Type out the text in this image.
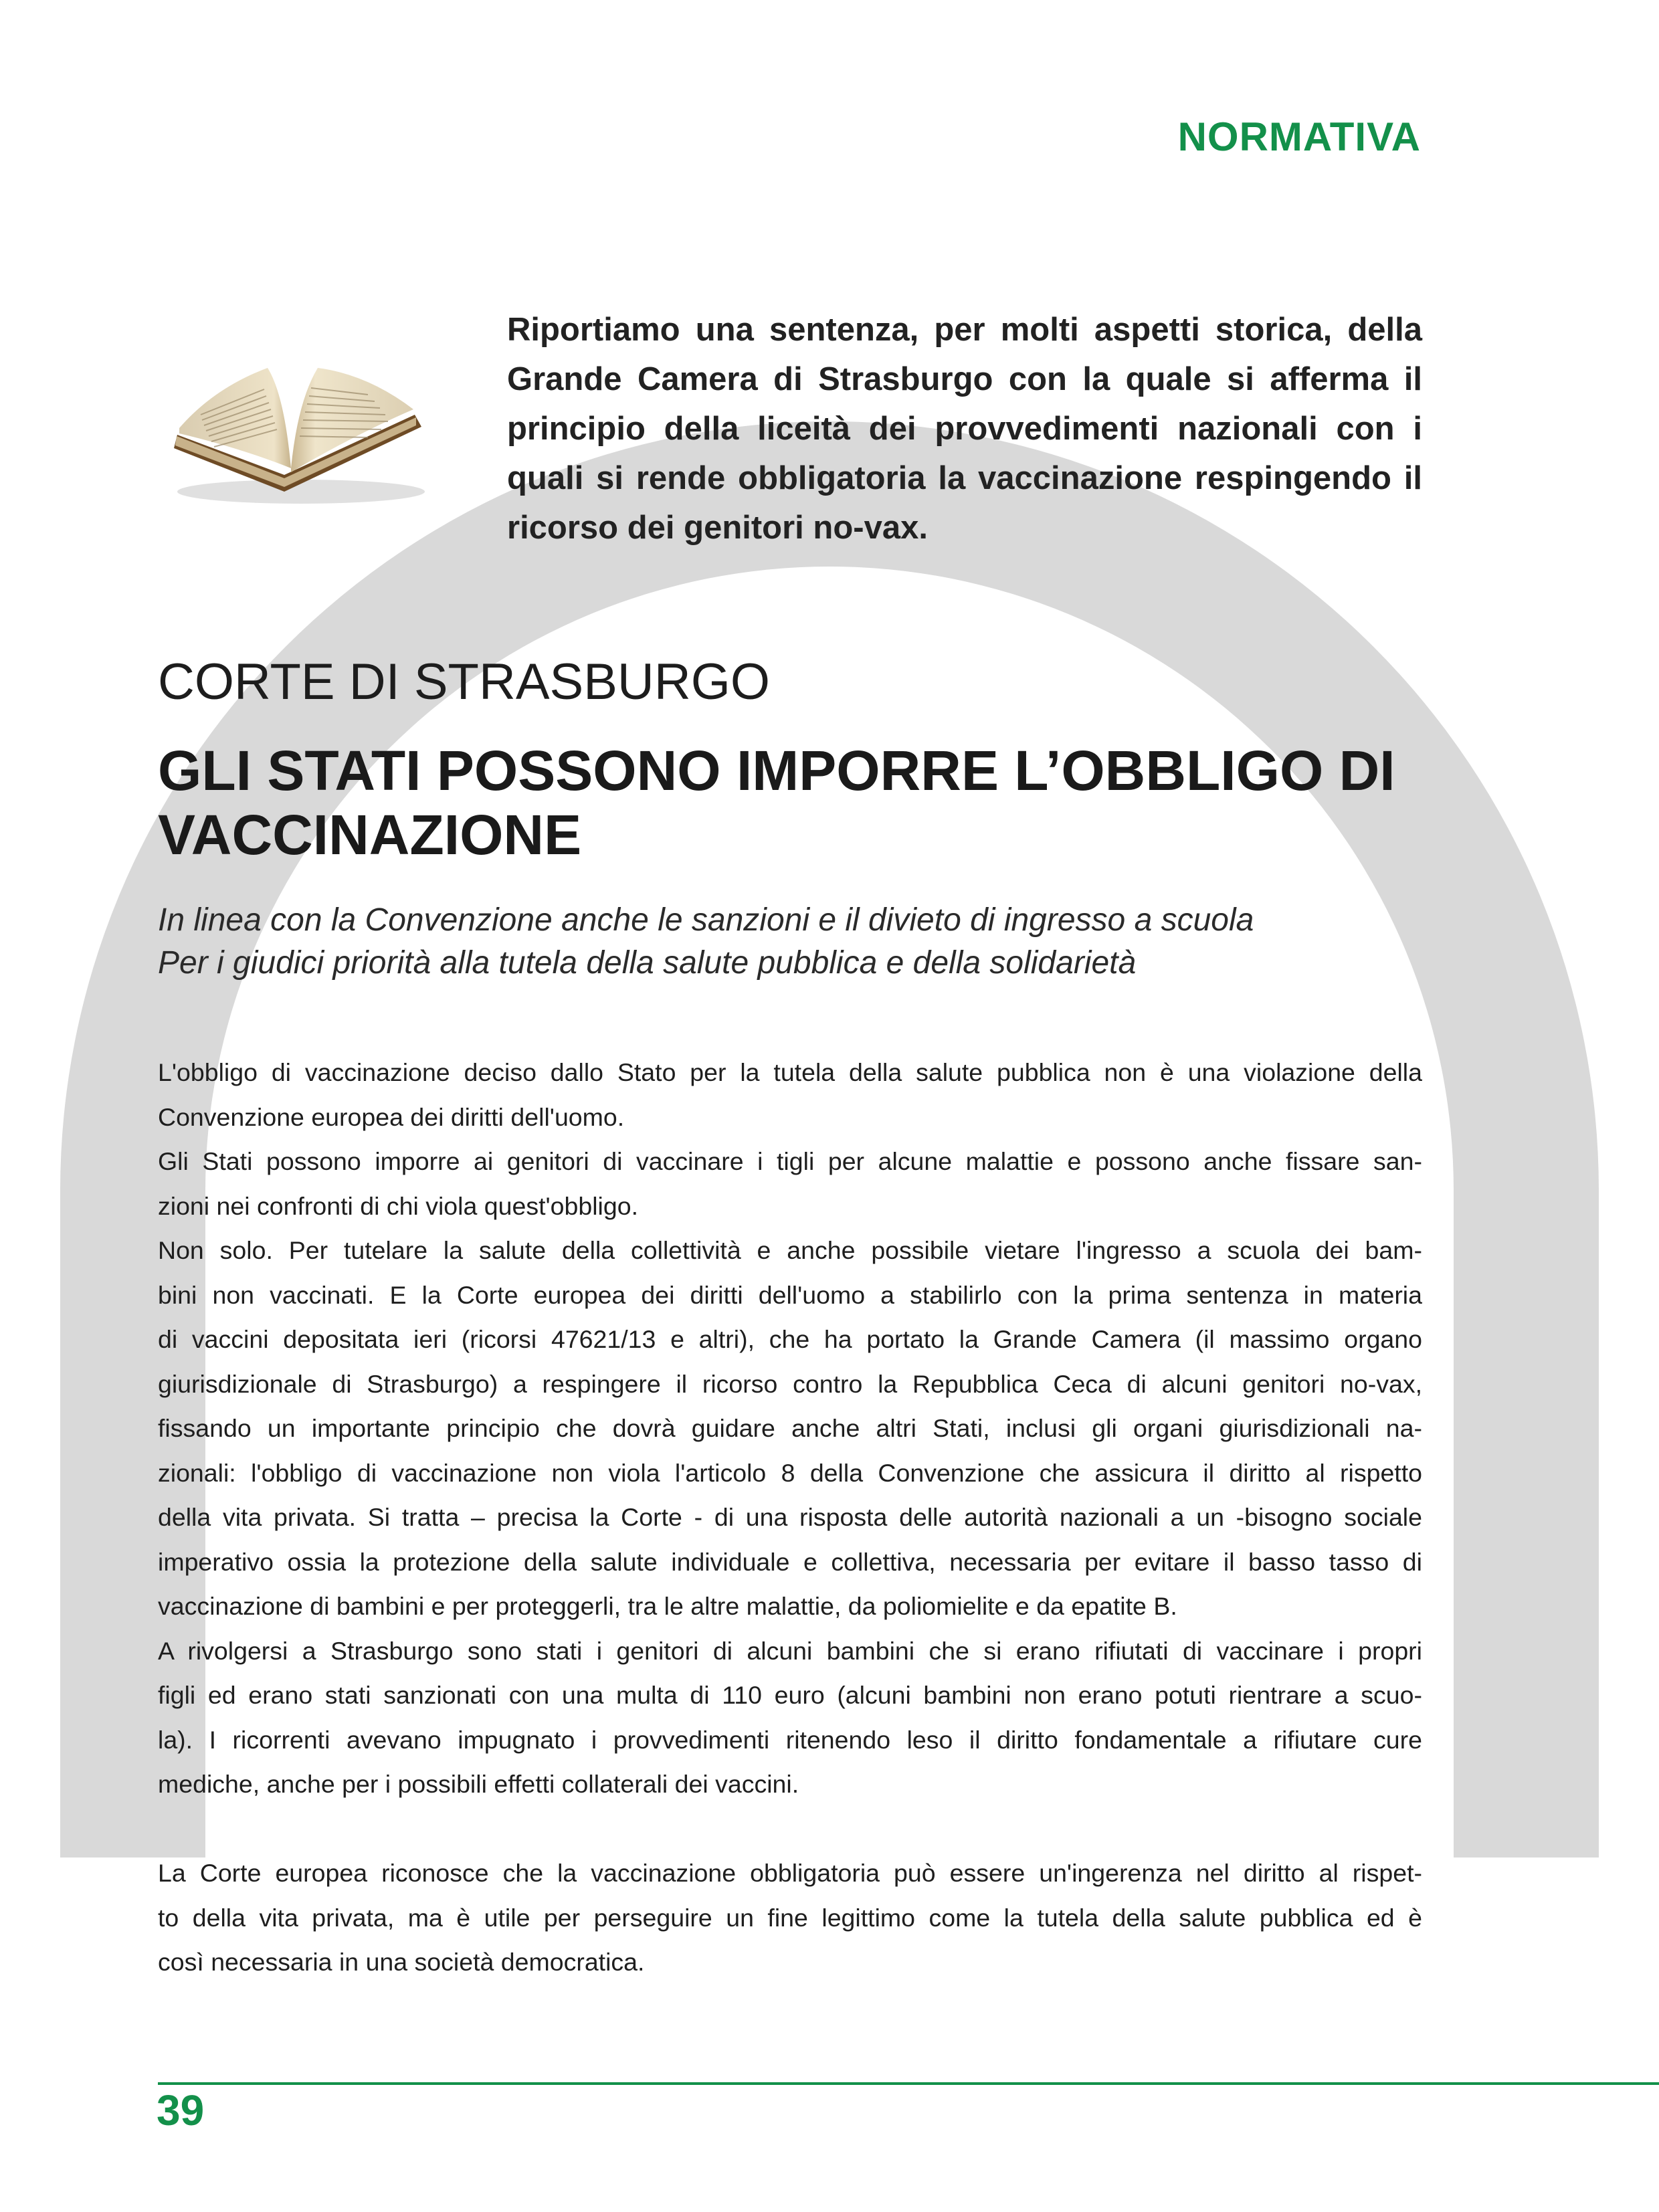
NORMATIVA
Riportiamo una sentenza, per molti aspetti storica, della Grande Camera di Strasburgo con la quale si afferma il principio della liceità dei provvedimenti nazionali con i quali si rende obbligatoria la vaccinazione respingendo il ricorso dei genitori no-vax.
CORTE DI STRASBURGO
GLI STATI POSSONO IMPORRE L’OBBLIGO DI VACCINAZIONE
In linea con la Convenzione anche le sanzioni e il divieto di ingresso a scuola
Per i giudici priorità alla tutela della salute pubblica e della solidarietà
L'obbligo di vaccinazione deciso dallo Stato per la tutela della salute pubblica non è una violazione della
Convenzione europea dei diritti dell'uomo.
Gli Stati possono imporre ai genitori di vaccinare i tigli per alcune malattie e possono anche fissare san-
zioni nei confronti di chi viola quest'obbligo.
Non solo. Per tutelare la salute della collettività e anche possibile vietare l'ingresso a scuola dei bam-
bini non vaccinati. E la Corte europea dei diritti dell'uomo a stabilirlo con la prima sentenza in materia
di vaccini depositata ieri (ricorsi 47621/13 e altri), che ha portato la Grande Camera (il massimo organo
giurisdizionale di Strasburgo) a respingere il ricorso contro la Repubblica Ceca di alcuni genitori no-vax,
fissando un importante principio che dovrà guidare anche altri Stati, inclusi gli organi giurisdizionali na-
zionali: l'obbligo di vaccinazione non viola l'articolo 8 della Convenzione che assicura il diritto al rispetto
della vita privata. Si tratta – precisa la Corte - di una risposta delle autorità nazionali a un -bisogno sociale
imperativo ossia la protezione della salute individuale e collettiva, necessaria per evitare il basso tasso di
vaccinazione di bambini e per proteggerli, tra le altre malattie, da poliomielite e da epatite B.
A rivolgersi a Strasburgo sono stati i genitori di alcuni bambini che si erano rifiutati di vaccinare i propri
figli ed erano stati sanzionati con una multa di 110 euro (alcuni bambini non erano potuti rientrare a scuo-
la). I ricorrenti avevano impugnato i provvedimenti ritenendo leso il diritto fondamentale a rifiutare cure
mediche, anche per i possibili effetti collaterali dei vaccini.
La Corte europea riconosce che la vaccinazione obbligatoria può essere un'ingerenza nel diritto al rispet-
to della vita privata, ma è utile per perseguire un fine legittimo come la tutela della salute pubblica ed è
così necessaria in una società democratica.
39
